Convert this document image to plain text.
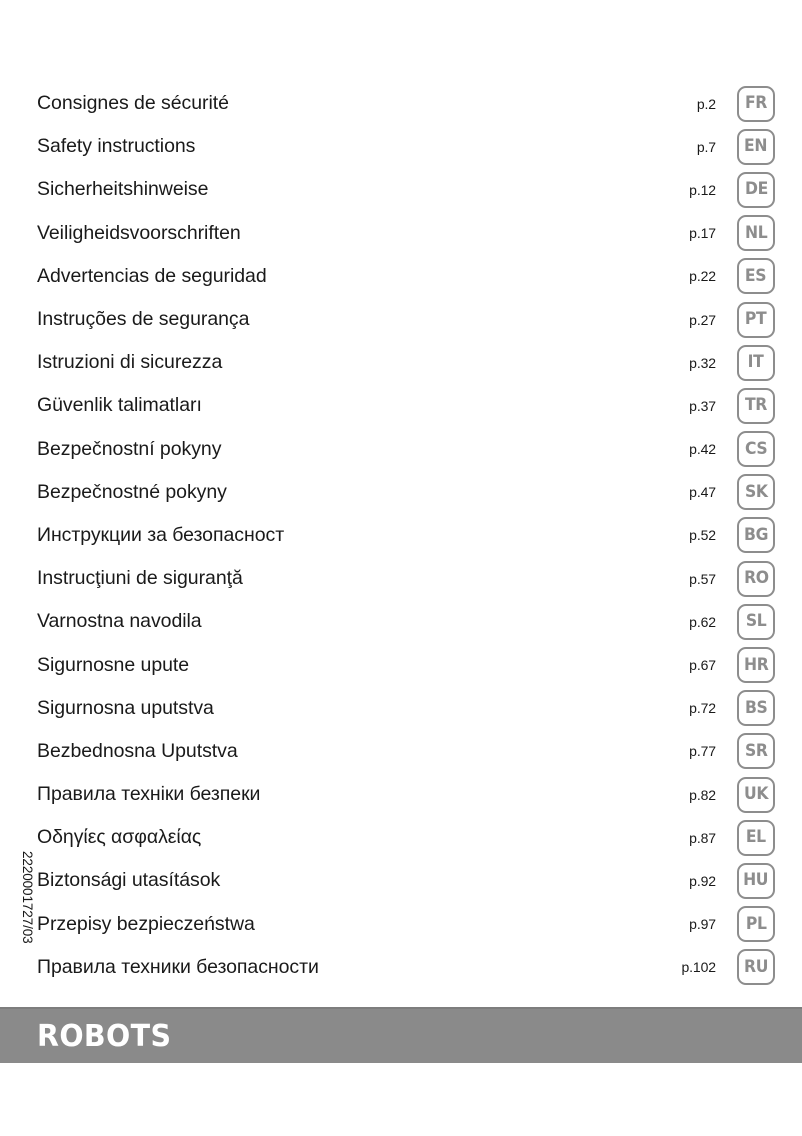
2220001727/03
Consignes de sécurité	p.2 FR
Safety instructions	p.7 EN
Sicherheitshinweise	p.12 DE
Veiligheidsvoorschriften	p.17 NL
Advertencias de seguridad	p.22 ES
Instruções de segurança	p.27 PT
Istruzioni di sicurezza	p.32 IT
Güvenlik talimatları	p.37 TR
Bezpečnostní pokyny	p.42 CS
Bezpečnostné pokyny	p.47 SK
Инструкции за безопасност	p.52 BG
Instrucţiuni de siguranţă	p.57 RO
Varnostna navodila	p.62 SL
Sigurnosne upute	p.67 HR
Sigurnosna uputstva	p.72 BS
Bezbednosna Uputstva	p.77 SR
Правила техніки безпеки	p.82 UK
Οδηγίες ασφαλείας	p.87 EL
Biztonsági utasítások	p.92 HU
Przepisy bezpieczeństwa	p.97 PL
Правила техники безопасности	p.102 RU
ROBOTS
